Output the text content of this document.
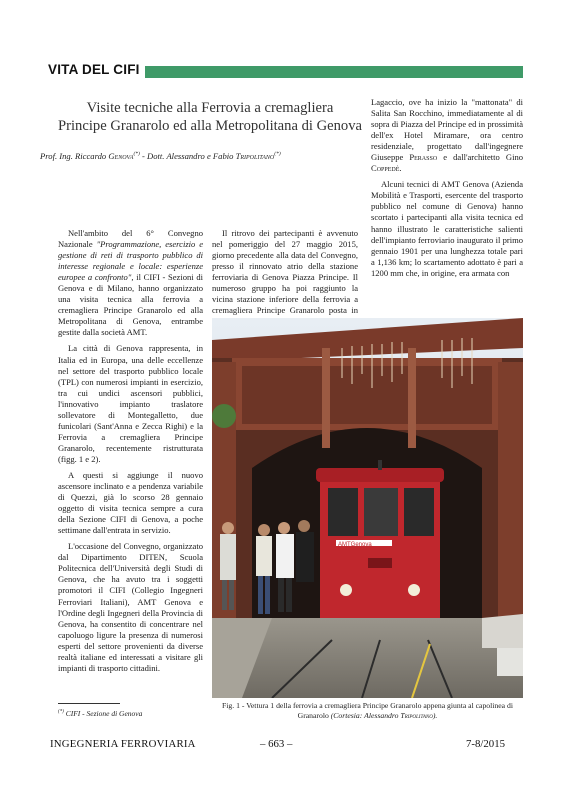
VITA DEL CIFI
Visite tecniche alla Ferrovia a cremagliera
Principe Granarolo ed alla Metropolitana di Genova
Prof. Ing. Riccardo Genova(*) - Dott. Alessandro e Fabio Tripolitano(*)

Nell'ambito del 6° Convegno Nazionale "Programmazione, esercizio e gestione di reti di trasporto pubblico di interesse regionale e locale: esperienze europee a confronto", il CIFI - Sezioni di Genova e di Milano, hanno organizzato una visita tecnica alla ferrovia a cremagliera Principe Granarolo ed alla Metropolitana di Genova, entrambe gestite dalla società AMT.

La città di Genova rappresenta, in Italia ed in Europa, una delle eccellenze nel settore del trasporto pubblico locale (TPL) con numerosi impianti in esercizio, tra cui undici ascensori pubblici, l'innovativo impianto traslatore sollevatore di Montegalletto, due funicolari (Sant'Anna e Zecca Righi) e la Ferrovia a cremagliera Principe Granarolo, recentemente ristrutturata (figg. 1 e 2).

A questi si aggiunge il nuovo ascensore inclinato e a pendenza variabile di Quezzi, già lo scorso 28 gennaio oggetto di visita tecnica sempre a cura della Sezione CIFI di Genova, a poche settimane dall'entrata in servizio.

L'occasione del Convegno, organizzato dal Dipartimento DITEN, Scuola Politecnica dell'Università degli Studi di Genova, che ha avuto tra i soggetti promotori il CIFI (Collegio Ingegneri Ferroviari Italiani), AMT Genova e l'Ordine degli Ingegneri della Provincia di Genova, ha consentito di concentrare nel capoluogo ligure la presenza di numerosi esperti del settore provenienti da diverse realtà italiane ed interessati a visitare gli impianti di trasporto cittadini.

Il ritrovo dei partecipanti è avvenuto nel pomeriggio del 27 maggio 2015, giorno precedente alla data del Convegno, presso il rinnovato atrio della stazione ferroviaria di Genova Piazza Principe. Il numeroso gruppo ha poi raggiunto la vicina stazione inferiore della ferrovia a cremagliera Principe Granarolo posta in

Lagaccio, ove ha inizio la "mattonata" di Salita San Rocchino, immediatamente al di sopra di Piazza del Principe ed in prossimità dell'ex Hotel Miramare, ora centro residenziale, progettato dall'ingegnere Giuseppe Perasso e dall'architetto Gino Coppedè.

Alcuni tecnici di AMT Genova (Azienda Mobilità e Trasporti, esercente del trasporto pubblico nel comune di Genova) hanno scortato i partecipanti alla visita tecnica ed hanno illustrato le caratteristiche salienti dell'impianto ferroviario inaugurato il primo gennaio 1901 per una lunghezza totale pari a 1,136 km; lo scartamento adottato è pari a 1200 mm che, in origine, era armata con

AMTGenova
Fig. 1 - Vettura 1 della ferrovia a cremagliera Principe Granarolo appena giunta al capolinea di Granarolo (Cortesia: Alessandro Tripolitano).
(*) CIFI - Sezione di Genova
INGEGNERIA FERROVIARIA	– 663 –	7-8/2015
